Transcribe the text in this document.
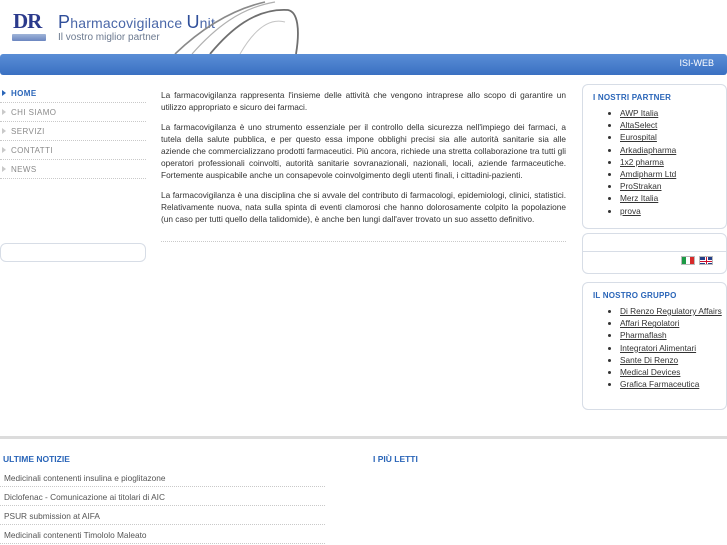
DR Pharmacovigilance Unit
Il vostro miglior partner
ISI-WEB
HOME
CHI SIAMO
SERVIZI
CONTATTI
NEWS

La farmacovigilanza rappresenta l'insieme delle attività che vengono intraprese allo scopo di garantire un utilizzo appropriato e sicuro dei farmaci.

La farmacovigilanza è uno strumento essenziale per il controllo della sicurezza nell'impiego dei farmaci, a tutela della salute pubblica, e per questo essa impone obblighi precisi sia alle autorità sanitarie sia alle aziende che commercializzano prodotti farmaceutici. Più ancora, richiede una stretta collaborazione tra tutti gli operatori professionali coinvolti, autorità sanitarie sovranazionali, nazionali, locali, aziende farmaceutiche. Fortemente auspicabile anche un consapevole coinvolgimento degli utenti finali, i cittadini-pazienti.

La farmacovigilanza è una disciplina che si avvale del contributo di farmacologi, epidemiologi, clinici, statistici. Relativamente nuova, nata sulla spinta di eventi clamorosi che hanno dolorosamente colpito la popolazione (un caso per tutti quello della talidomide), è anche ben lungi dall'aver trovato un suo assetto definitivo.

I NOSTRI PARTNER
• AWP Italia
• AltaSelect
• Eurospital
• Arkadiapharma
• 1x2 pharma
• Amdipharm Ltd
• ProStrakan
• Merz Italia
• prova
IL NOSTRO GRUPPO
• Di Renzo Regulatory Affairs
• Affari Regolatori
• Pharmaflash
• Integratori Alimentari
• Sante Di Renzo
• Medical Devices
• Grafica Farmaceutica
ULTIME NOTIZIE	I PIÙ LETTI
Medicinali contenenti insulina e pioglitazone
Diclofenac - Comunicazione ai titolari di AIC
PSUR submission at AIFA
Medicinali contenenti Timololo Maleato
